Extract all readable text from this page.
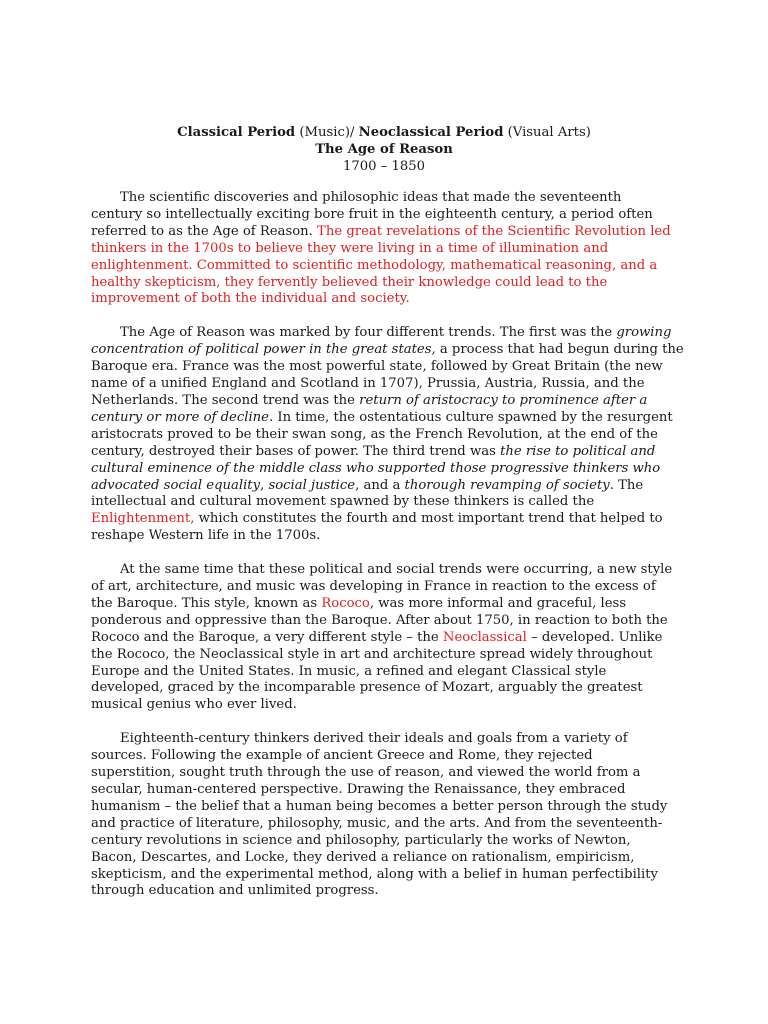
Classical Period (Music)/ Neoclassical Period (Visual Arts)
The Age of Reason
1700 – 1850

The scientific discoveries and philosophic ideas that made the seventeenth
century so intellectually exciting bore fruit in the eighteenth century, a period often
referred to as the Age of Reason. The great revelations of the Scientific Revolution led
thinkers in the 1700s to believe they were living in a time of illumination and
enlightenment. Committed to scientific methodology, mathematical reasoning, and a
healthy skepticism, they fervently believed their knowledge could lead to the
improvement of both the individual and society.

The Age of Reason was marked by four different trends. The first was the growing
concentration of political power in the great states, a process that had begun during the
Baroque era. France was the most powerful state, followed by Great Britain (the new
name of a unified England and Scotland in 1707), Prussia, Austria, Russia, and the
Netherlands. The second trend was the return of aristocracy to prominence after a
century or more of decline. In time, the ostentatious culture spawned by the resurgent
aristocrats proved to be their swan song, as the French Revolution, at the end of the
century, destroyed their bases of power. The third trend was the rise to political and
cultural eminence of the middle class who supported those progressive thinkers who
advocated social equality, social justice, and a thorough revamping of society. The
intellectual and cultural movement spawned by these thinkers is called the
Enlightenment, which constitutes the fourth and most important trend that helped to
reshape Western life in the 1700s.

At the same time that these political and social trends were occurring, a new style
of art, architecture, and music was developing in France in reaction to the excess of
the Baroque. This style, known as Rococo, was more informal and graceful, less
ponderous and oppressive than the Baroque. After about 1750, in reaction to both the
Rococo and the Baroque, a very different style – the Neoclassical – developed. Unlike
the Rococo, the Neoclassical style in art and architecture spread widely throughout
Europe and the United States. In music, a refined and elegant Classical style
developed, graced by the incomparable presence of Mozart, arguably the greatest
musical genius who ever lived.

Eighteenth-century thinkers derived their ideals and goals from a variety of
sources. Following the example of ancient Greece and Rome, they rejected
superstition, sought truth through the use of reason, and viewed the world from a
secular, human-centered perspective. Drawing the Renaissance, they embraced
humanism – the belief that a human being becomes a better person through the study
and practice of literature, philosophy, music, and the arts. And from the seventeenth-
century revolutions in science and philosophy, particularly the works of Newton,
Bacon, Descartes, and Locke, they derived a reliance on rationalism, empiricism,
skepticism, and the experimental method, along with a belief in human perfectibility
through education and unlimited progress.
